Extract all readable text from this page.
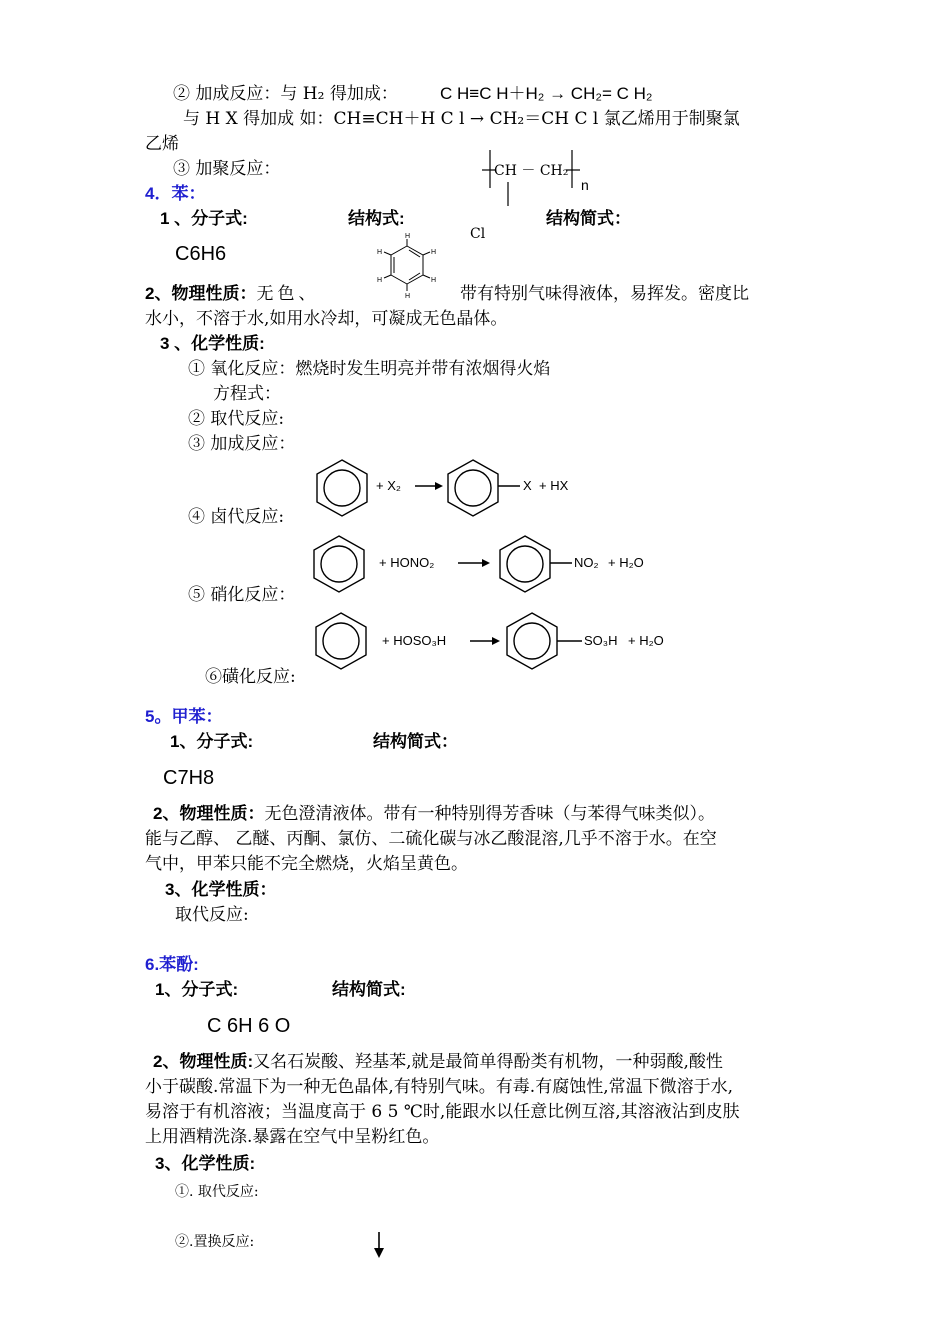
② 加成反应：与 H₂ 得加成： C H≡C H＋H₂ → CH₂= C H₂
与 H X 得加成 如：CH≡CH＋H C l → CH₂＝CH C l 氯乙烯用于制聚氯
乙烯
③ 加聚反应：	CH － CH₂
n
Cl
4．苯：
1 、分子式:	结构式:	结构简式：
C6H6
H
H
H
H
H
H
2、物理性质：无色、	带有特别气味得液体，易挥发。密度比
水小，不溶于水,如用水冷却，可凝成无色晶体。
3 、化学性质:
① 氧化反应：燃烧时发生明亮并带有浓烟得火焰
方程式：
② 取代反应:
③ 加成反应：
+ X₂	X + HX
④ 卤代反应:
+ HONO₂	NO₂ + H₂O
⑤ 硝化反应：
+ HOSO₃H	SO₃H + H₂O
⑥磺化反应:
5。甲苯：
1、分子式:	结构简式：
C7H8
2、物理性质：无色澄清液体。带有一种特别得芳香味（与苯得气味类似）。
能与乙醇、 乙醚、丙酮、氯仿、二硫化碳与冰乙酸混溶,几乎不溶于水。在空
气中，甲苯只能不完全燃烧，火焰呈黄色。
3、化学性质：
取代反应:
6.苯酚:
1、分子式:	结构简式:
C 6H 6 O
2、物理性质:又名石炭酸、羟基苯,就是最简单得酚类有机物，一种弱酸,酸性
小于碳酸.常温下为一种无色晶体,有特别气味。有毒.有腐蚀性,常温下微溶于水,
易溶于有机溶液；当温度高于 6 5 ℃时,能跟水以任意比例互溶,其溶液沾到皮肤
上用酒精洗涤.暴露在空气中呈粉红色。
3、化学性质:
①. 取代反应:
②.置换反应:
